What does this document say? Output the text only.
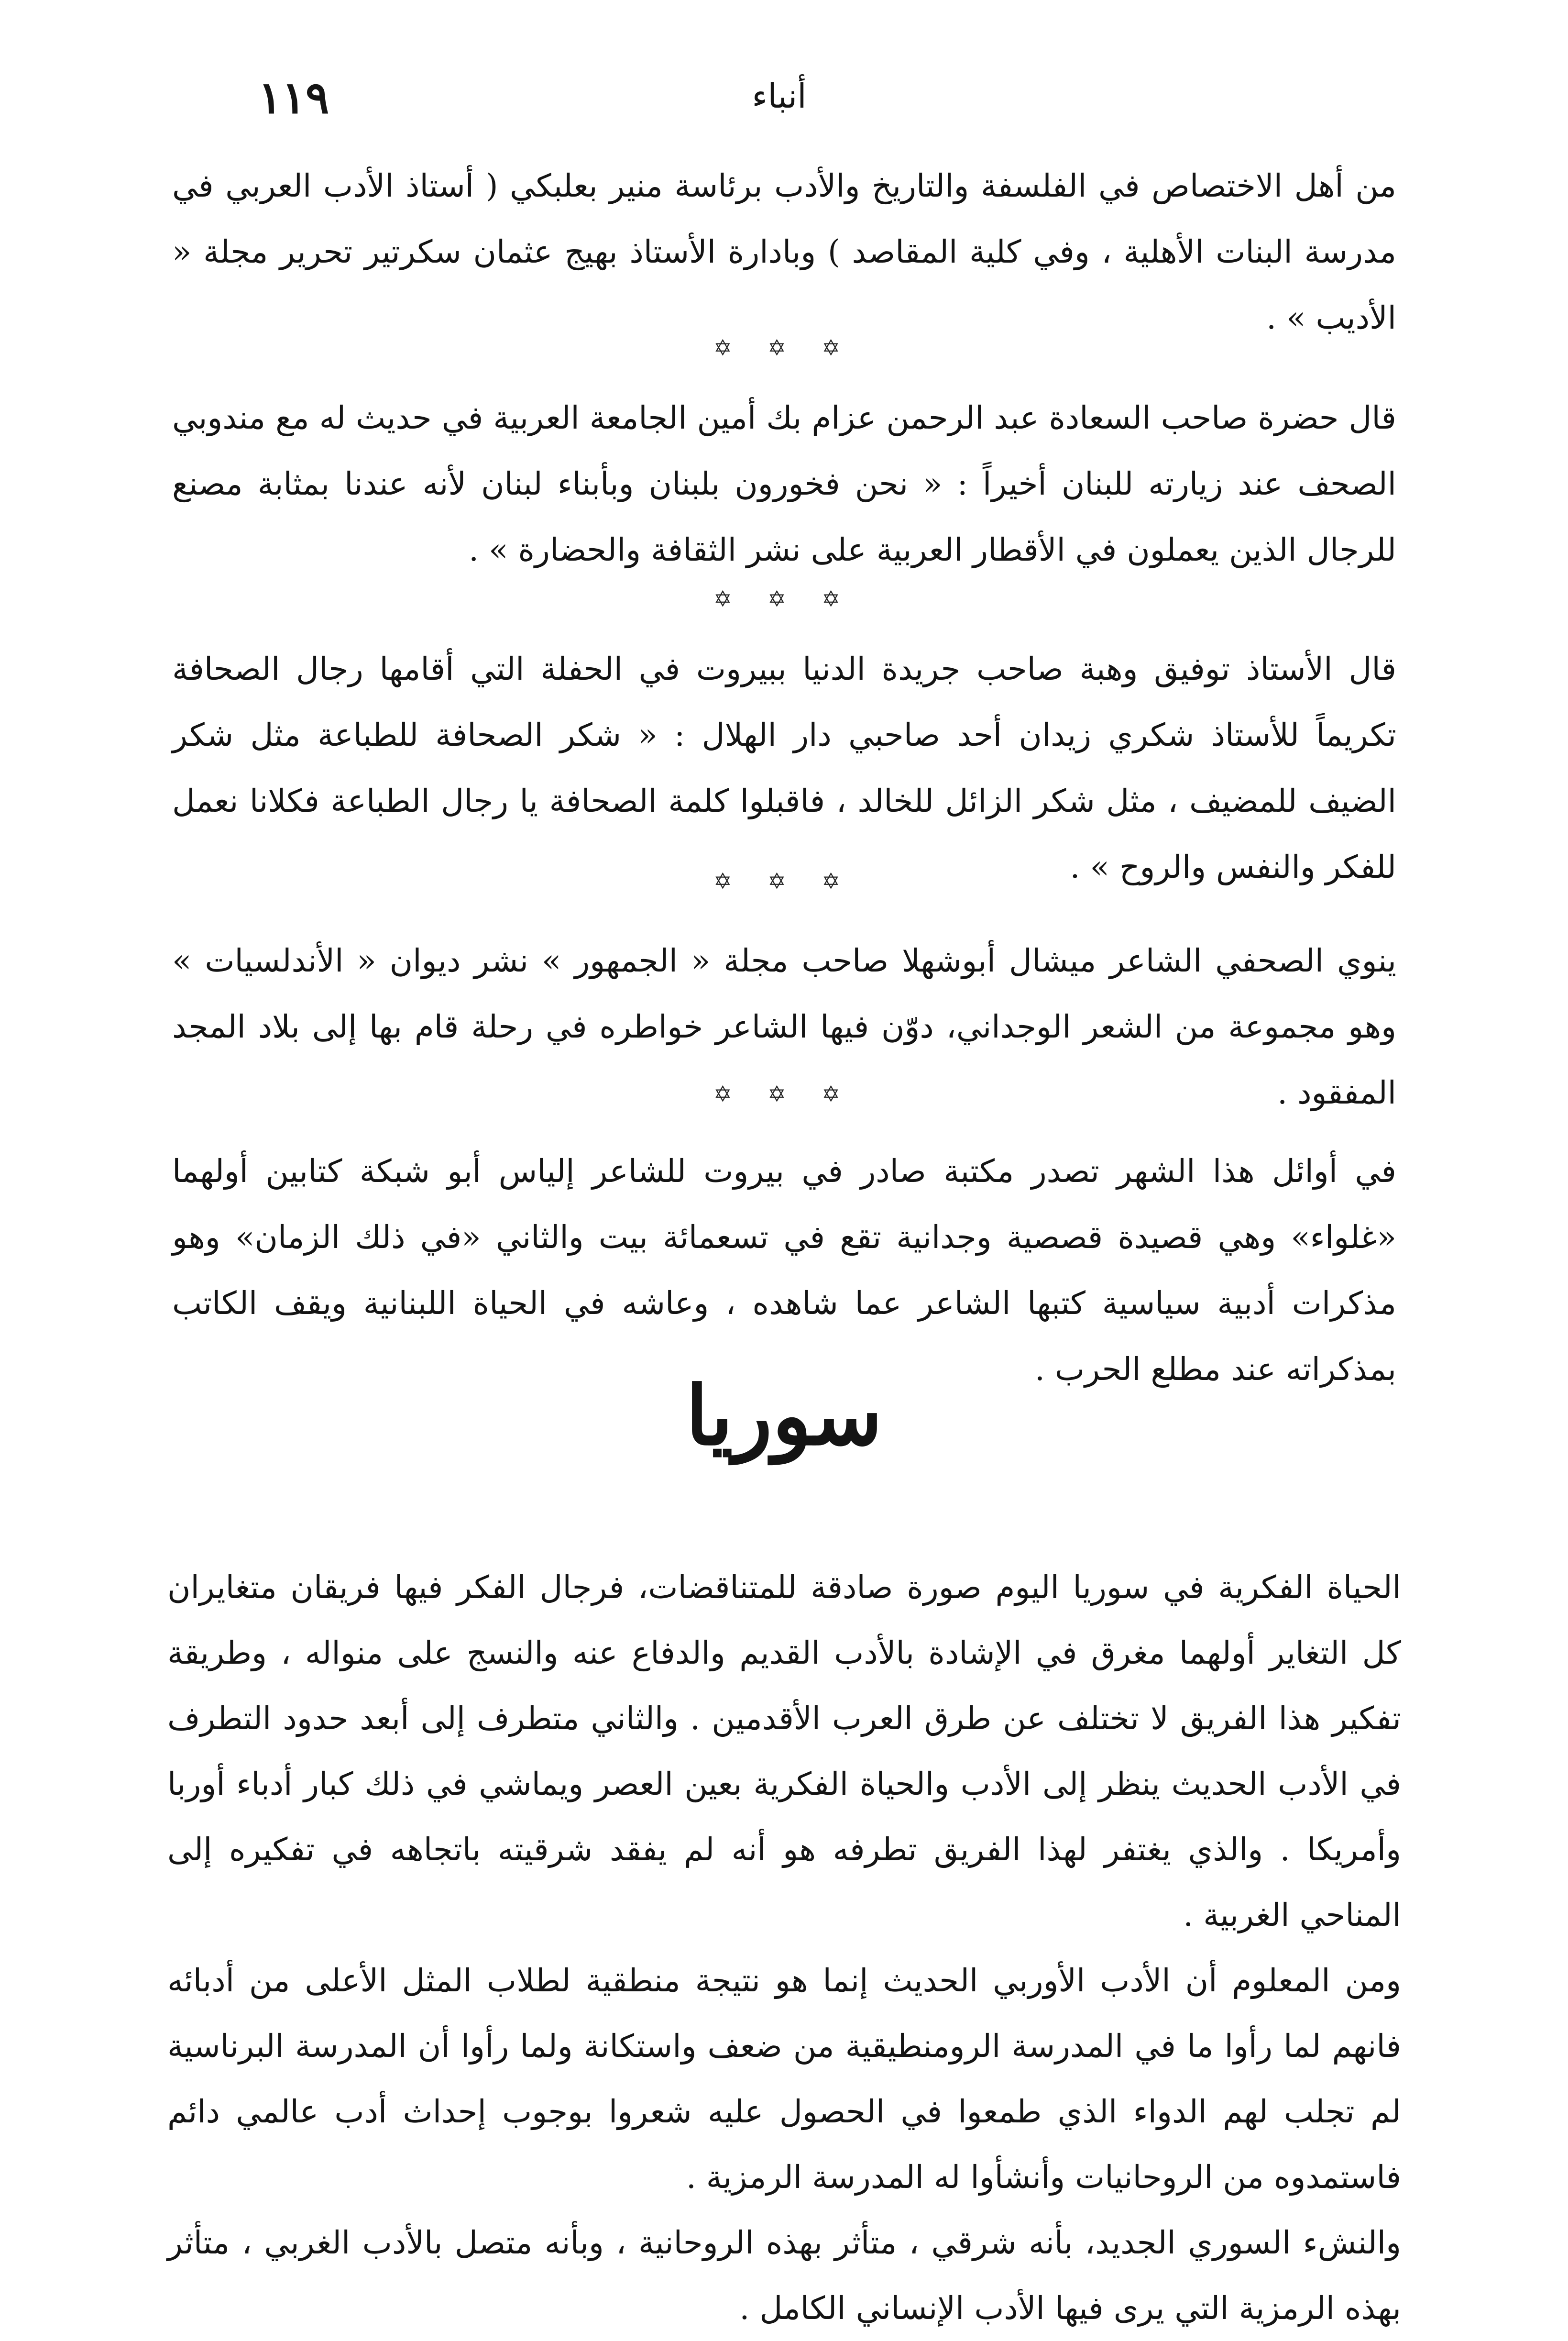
١١٩	أنباء

من أهل الاختصاص في الفلسفة والتاريخ والأدب برئاسة منير بعلبكي ( أستاذ الأدب العربي في مدرسة البنات الأهلية ، وفي كلية المقاصد ) وبادارة الأستاذ بهيج عثمان سكرتير تحرير مجلة « الأديب » .

✡ ✡ ✡

قال حضرة صاحب السعادة عبد الرحمن عزام بك أمين الجامعة العربية في حديث له مع مندوبي الصحف عند زيارته للبنان أخيراً : « نحن فخورون بلبنان وبأبناء لبنان لأنه عندنا بمثابة مصنع للرجال الذين يعملون في الأقطار العربية على نشر الثقافة والحضارة » .

✡ ✡ ✡

قال الأستاذ توفيق وهبة صاحب جريدة الدنيا ببيروت في الحفلة التي أقامها رجال الصحافة تكريماً للأستاذ شكري زيدان أحد صاحبي دار الهلال : « شكر الصحافة للطباعة مثل شكر الضيف للمضيف ، مثل شكر الزائل للخالد ، فاقبلوا كلمة الصحافة يا رجال الطباعة فكلانا نعمل للفكر والنفس والروح » .

✡ ✡ ✡

ينوي الصحفي الشاعر ميشال أبوشهلا صاحب مجلة « الجمهور » نشر ديوان « الأندلسيات » وهو مجموعة من الشعر الوجداني، دوّن فيها الشاعر خواطره في رحلة قام بها إلى بلاد المجد المفقود .

✡ ✡ ✡

في أوائل هذا الشهر تصدر مكتبة صادر في بيروت للشاعر إلياس أبو شبكة كتابين أولهما «غلواء» وهي قصيدة قصصية وجدانية تقع في تسعمائة بيت والثاني «في ذلك الزمان» وهو مذكرات أدبية سياسية كتبها الشاعر عما شاهده ، وعاشه في الحياة اللبنانية ويقف الكاتب بمذكراته عند مطلع الحرب .

سوريا

الحياة الفكرية في سوريا اليوم صورة صادقة للمتناقضات، فرجال الفكر فيها فريقان متغايران كل التغاير أولهما مغرق في الإشادة بالأدب القديم والدفاع عنه والنسج على منواله ، وطريقة تفكير هذا الفريق لا تختلف عن طرق العرب الأقدمين . والثاني متطرف إلى أبعد حدود التطرف في الأدب الحديث ينظر إلى الأدب والحياة الفكرية بعين العصر ويماشي في ذلك كبار أدباء أوربا وأمريكا . والذي يغتفر لهذا الفريق تطرفه هو أنه لم يفقد شرقيته باتجاهه في تفكيره إلى المناحي الغربية .

ومن المعلوم أن الأدب الأوربي الحديث إنما هو نتيجة منطقية لطلاب المثل الأعلى من أدبائه فانهم لما رأوا ما في المدرسة الرومنطيقية من ضعف واستكانة ولما رأوا أن المدرسة البرناسية لم تجلب لهم الدواء الذي طمعوا في الحصول عليه شعروا بوجوب إحداث أدب عالمي دائم فاستمدوه من الروحانيات وأنشأوا له المدرسة الرمزية .

والنشء السوري الجديد، بأنه شرقي ، متأثر بهذه الروحانية ، وبأنه متصل بالأدب الغربي ، متأثر بهذه الرمزية التي يرى فيها الأدب الإنساني الكامل .
